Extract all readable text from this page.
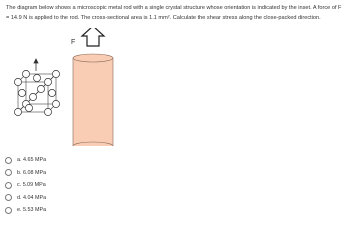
The diagram below shows a microscopic metal rod with a single crystal structure whose orientation is indicated by the inset. A force of F = 14.9 N is applied to the rod. The cross-sectional area is 1.1 mm². Calculate the shear stress along the close-packed direction.
F
a. 4.65 MPa
b. 6.08 MPa
c. 5.09 MPa
d. 4.04 MPa
e. 5.53 MPa
